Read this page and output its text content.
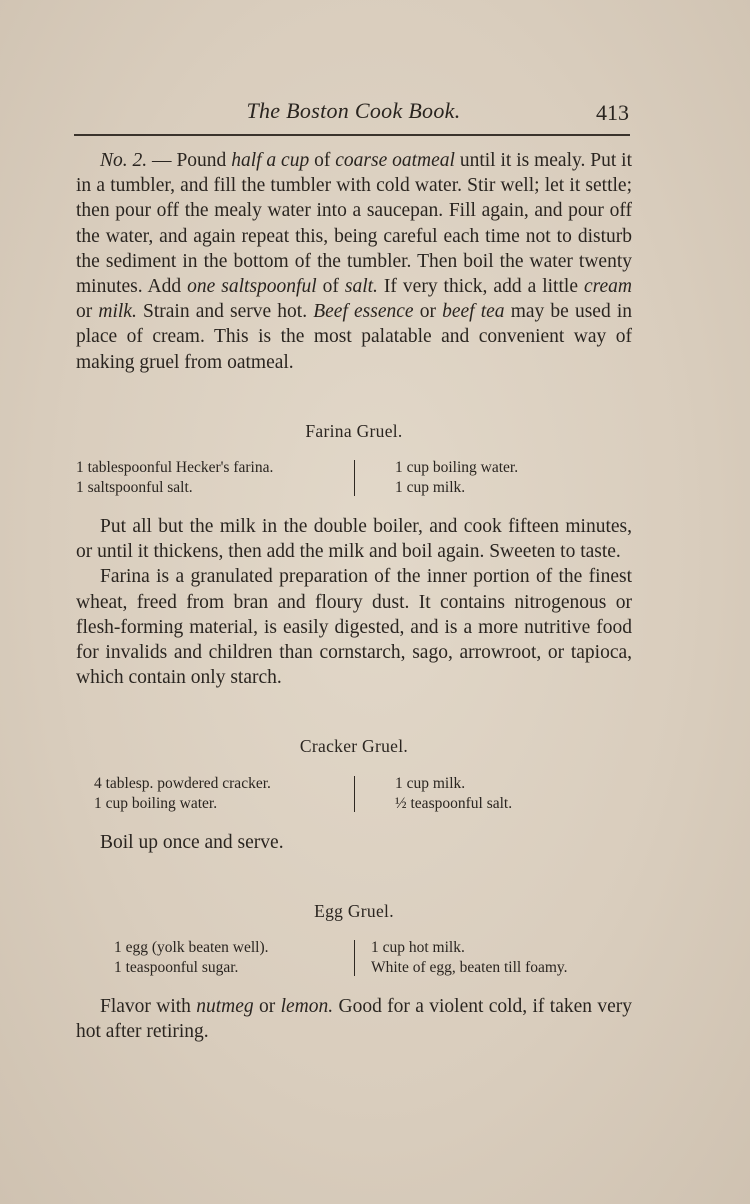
The Boston Cook Book.	413

No. 2. — Pound half a cup of coarse oatmeal until it is mealy. Put it in a tumbler, and fill the tumbler with cold water. Stir well; let it settle; then pour off the mealy water into a saucepan. Fill again, and pour off the water, and again repeat this, being careful each time not to disturb the sediment in the bottom of the tumbler. Then boil the water twenty minutes. Add one saltspoonful of salt. If very thick, add a little cream or milk. Strain and serve hot. Beef essence or beef tea may be used in place of cream. This is the most palatable and convenient way of making gruel from oatmeal.

Farina Gruel.
1 tablespoonful Hecker's farina.
1 saltspoonful salt.
1 cup boiling water.
1 cup milk.

Put all but the milk in the double boiler, and cook fifteen minutes, or until it thickens, then add the milk and boil again. Sweeten to taste.

Farina is a granulated preparation of the inner portion of the finest wheat, freed from bran and floury dust. It contains nitrogenous or flesh-forming material, is easily digested, and is a more nutritive food for invalids and children than cornstarch, sago, arrowroot, or tapioca, which contain only starch.

Cracker Gruel.
4 tablesp. powdered cracker.
1 cup boiling water.
1 cup milk.
½ teaspoonful salt.

Boil up once and serve.

Egg Gruel.
1 egg (yolk beaten well).
1 teaspoonful sugar.
1 cup hot milk.
White of egg, beaten till foamy.

Flavor with nutmeg or lemon. Good for a violent cold, if taken very hot after retiring.
